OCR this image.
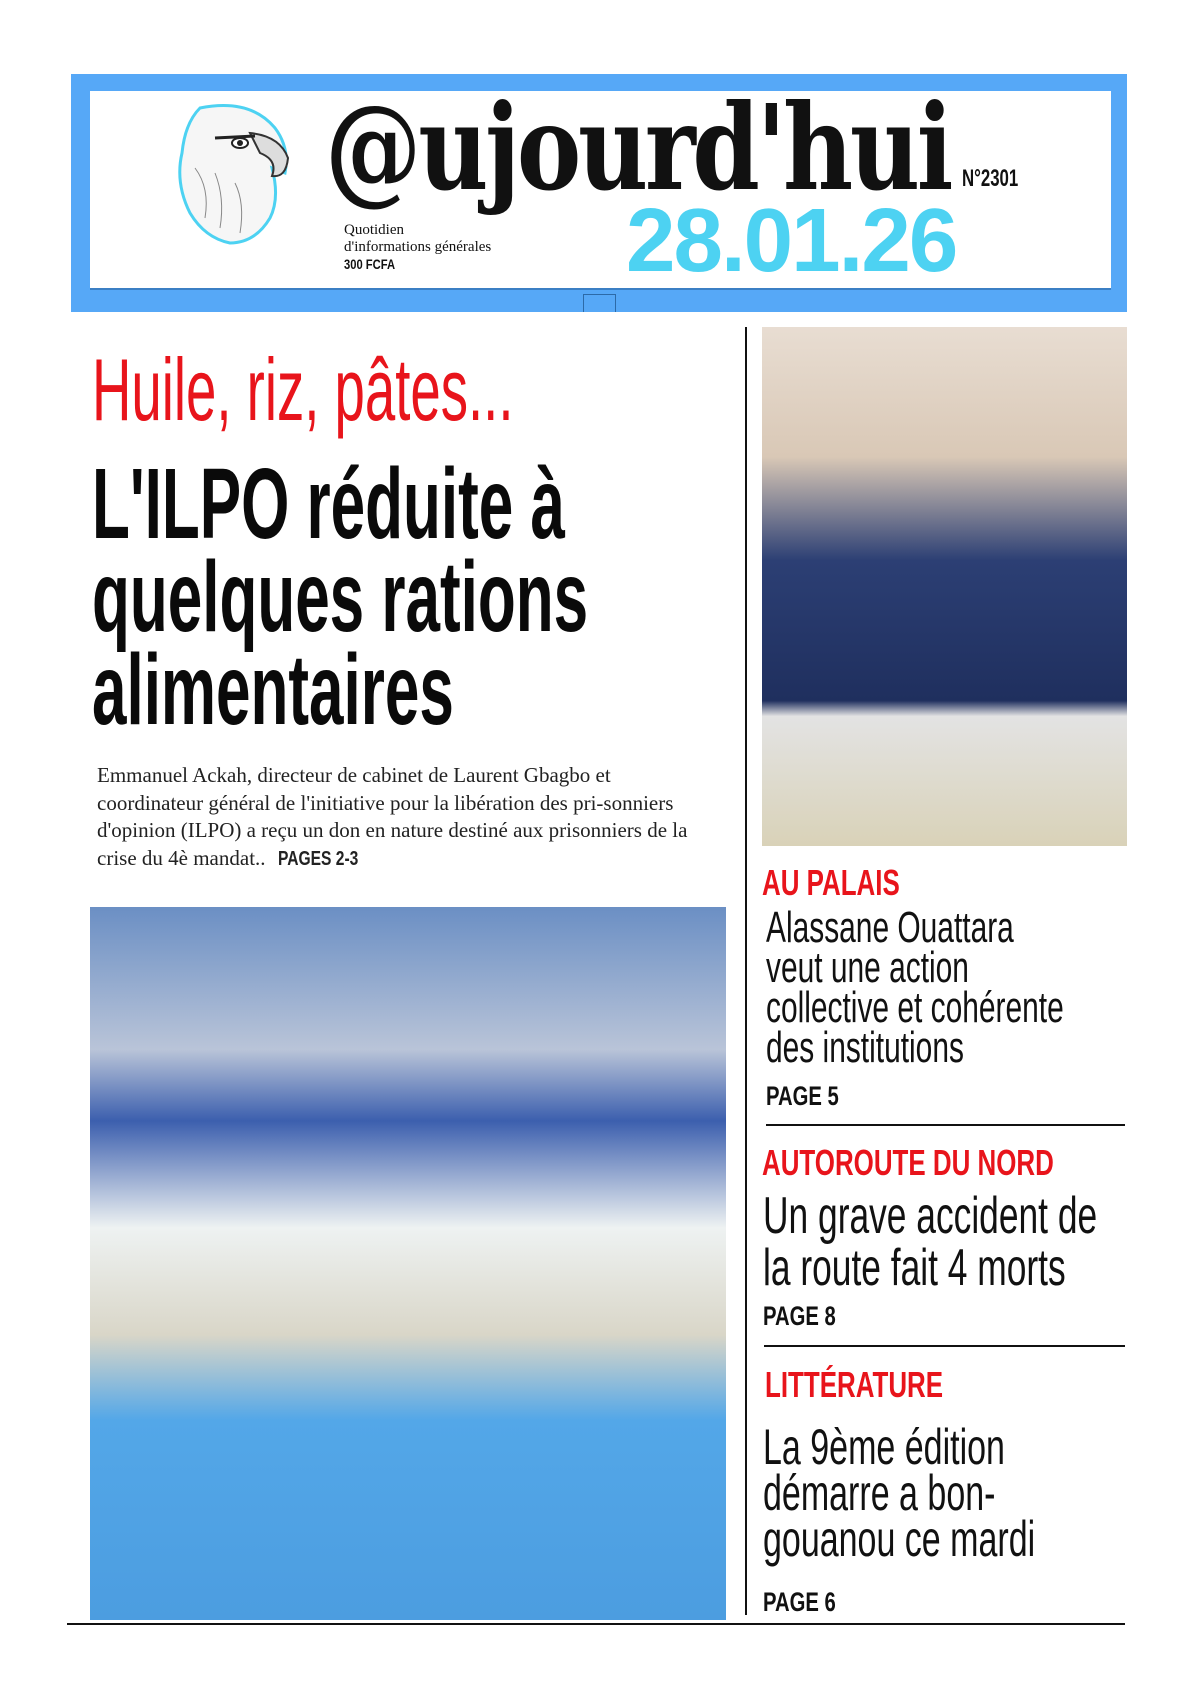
@ujourd'hui N°2301
28.01.26
Quotidien
d'informations générales
300 FCFA
Huile, riz, pâtes...
L'ILPO réduite à
quelques rations
alimentaires
Emmanuel Ackah, directeur de cabinet de Laurent Gbagbo et coordinateur général de l'initiative pour la libération des pri-sonniers d'opinion (ILPO) a reçu un don en nature destiné aux prisonniers de la crise du 4è mandat.. PAGES 2-3
AU PALAIS
Alassane Ouattara
veut une action
collective et cohérente
des institutions
PAGE 5
AUTOROUTE DU NORD
Un grave accident de
la route fait 4 morts
PAGE 8
LITTÉRATURE
La 9ème édition
démarre a bon-
gouanou ce mardi
PAGE 6
